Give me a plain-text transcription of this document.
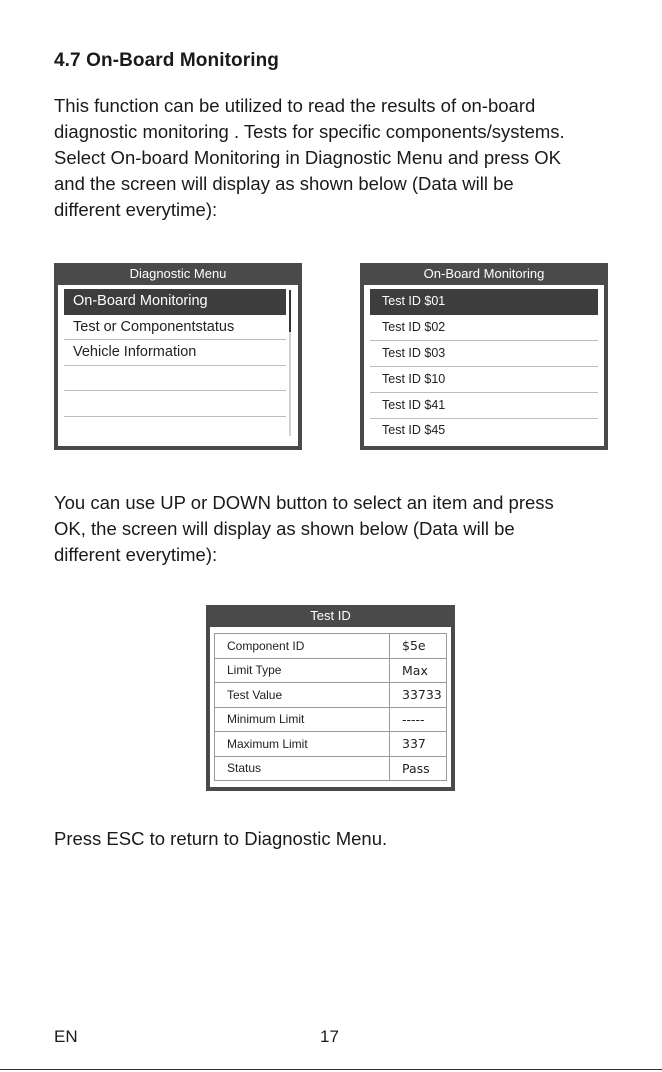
4.7 On-Board Monitoring

This function can be utilized to read the results of on-board
diagnostic monitoring . Tests for specific components/systems.
Select On-board Monitoring in Diagnostic Menu and press OK
and the screen will display as shown below (Data will be
different everytime):

Diagnostic Menu
On-Board Monitoring
Test or Componentstatus
Vehicle Information
On-Board Monitoring
Test ID $01
Test ID $02
Test ID $03
Test ID $10
Test ID $41
Test ID $45

You can use UP or DOWN button to select an item and press
OK, the screen will display as shown below (Data will be
different everytime):

Test ID
Component ID	$5e
Limit Type	Max
Test Value	33733
Minimum Limit	-----
Maximum Limit	337
Status	Pass

Press ESC to return to Diagnostic Menu.

EN	17
